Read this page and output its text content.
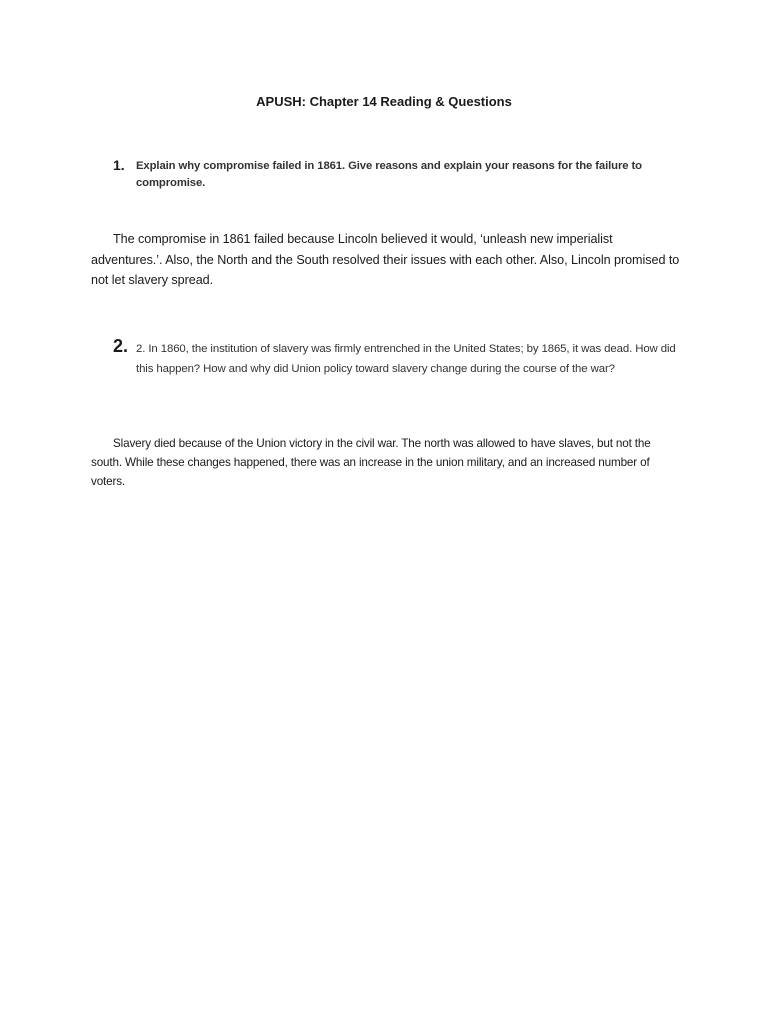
APUSH: Chapter 14 Reading & Questions
1. Explain why compromise failed in 1861. Give reasons and explain your reasons for the failure to compromise.

The compromise in 1861 failed because Lincoln believed it would, ‘unleash new imperialist adventures.’. Also, the North and the South resolved their issues with each other. Also, Lincoln promised to not let slavery spread.

2. 2. In 1860, the institution of slavery was firmly entrenched in the United States; by 1865, it was dead. How did this happen? How and why did Union policy toward slavery change during the course of the war?

Slavery died because of the Union victory in the civil war. The north was allowed to have slaves, but not the south. While these changes happened, there was an increase in the union military, and an increased number of voters.
